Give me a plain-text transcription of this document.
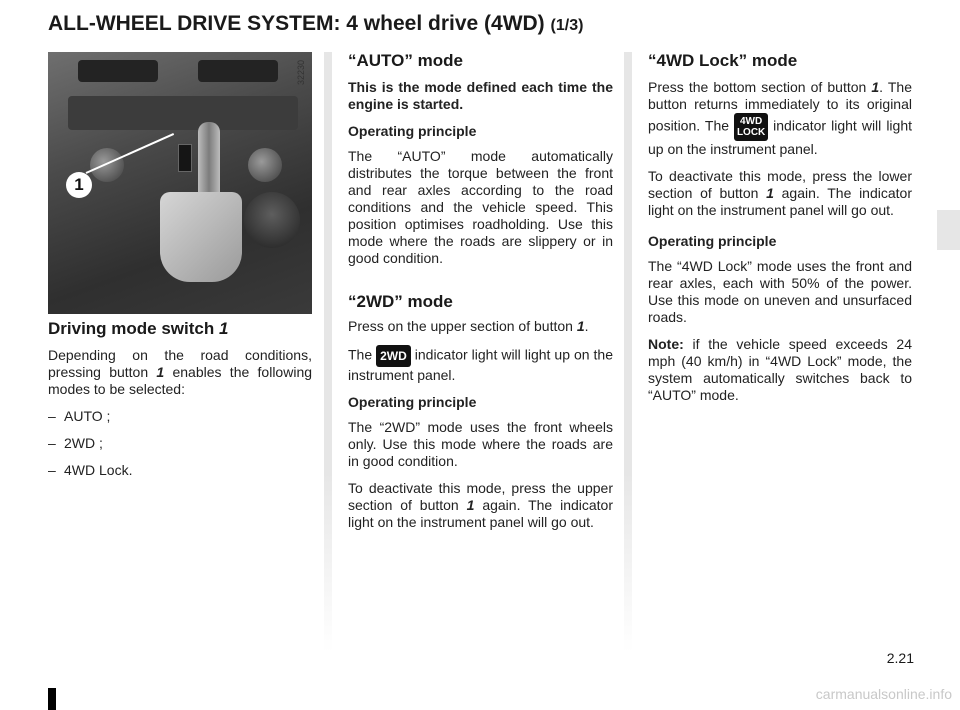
ALL-WHEEL DRIVE SYSTEM: 4 wheel drive (4WD) (1/3)
1
Driving mode switch 1

Depending on the road conditions, pressing button 1 enables the following modes to be selected:

– AUTO ;
– 2WD ;
– 4WD Lock.
32230 “AUTO” mode

This is the mode defined each time the engine is started.

Operating principle

The “AUTO” mode automatically distributes the torque between the front and rear axles according to the road conditions and the vehicle speed. This position optimises roadholding. Use this mode where the roads are slippery or in good condition.

“2WD” mode

Press on the upper section of button 1.

The 2WD indicator light will light up on the instrument panel.

Operating principle

The “2WD” mode uses the front wheels only. Use this mode where the roads are in good condition.

To deactivate this mode, press the upper section of button 1 again. The indicator light on the instrument panel will go out.

“4WD Lock” mode

Press the bottom section of button 1. The button returns immediately to its original position. The 4WD
LOCK indicator light will light up on the instrument panel.

To deactivate this mode, press the lower section of button 1 again. The indicator light on the instrument panel will go out.

Operating principle

The “4WD Lock” mode uses the front and rear axles, each with 50% of the power. Use this mode on uneven and unsurfaced roads.

Note: if the vehicle speed exceeds 24 mph (40 km/h) in “4WD Lock” mode, the system automatically switches back to “AUTO” mode.

2.21
carmanualsonline.info
